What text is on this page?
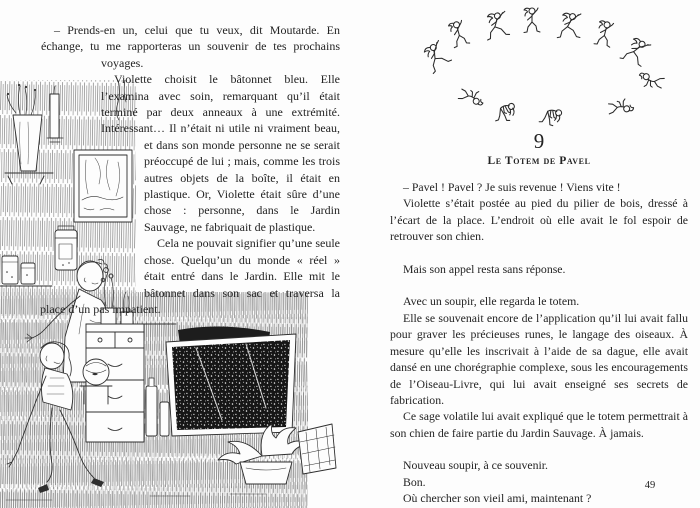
– Prends-en un, celui que tu veux, dit Moutarde. En échange, tu me rapporteras un souvenir de tes prochains voyages.

Violette choisit le bâtonnet bleu. Elle l’examina avec soin, remarquant qu’il était terminé par deux anneaux à une extrémité. Intéressant… Il n’était ni utile ni vraiment beau, et dans son monde personne ne se serait préoccupé de lui ; mais, comme les trois autres objets de la boîte, il était en plastique. Or, Violette était sûre d’une chose : personne, dans le Jardin Sauvage, ne fabriquait de plastique.

Cela ne pouvait signifier qu’une seule chose. Quelqu’un du monde « réel » était entré dans le Jardin. Elle mit le bâtonnet dans son sac et traversa la place d’un pas impatient.

9
Le Totem de Pavel

– Pavel ! Pavel ? Je suis revenue ! Viens vite !

Violette s’était postée au pied du pilier de bois, dressé à l’écart de la place. L’endroit où elle avait le fol espoir de retrouver son chien.

Mais son appel resta sans réponse.

Avec un soupir, elle regarda le totem.

Elle se souvenait encore de l’application qu’il lui avait fallu pour graver les précieuses runes, le langage des oiseaux. À mesure qu’elle les inscrivait à l’aide de sa dague, elle avait dansé en une chorégraphie complexe, sous les encouragements de l’Oiseau-Livre, qui lui avait enseigné ses secrets de fabrication.

Ce sage volatile lui avait expliqué que le totem permettrait à son chien de faire partie du Jardin Sauvage. À jamais.

Nouveau soupir, à ce souvenir.

Bon.

Où chercher son vieil ami, maintenant ?

49
